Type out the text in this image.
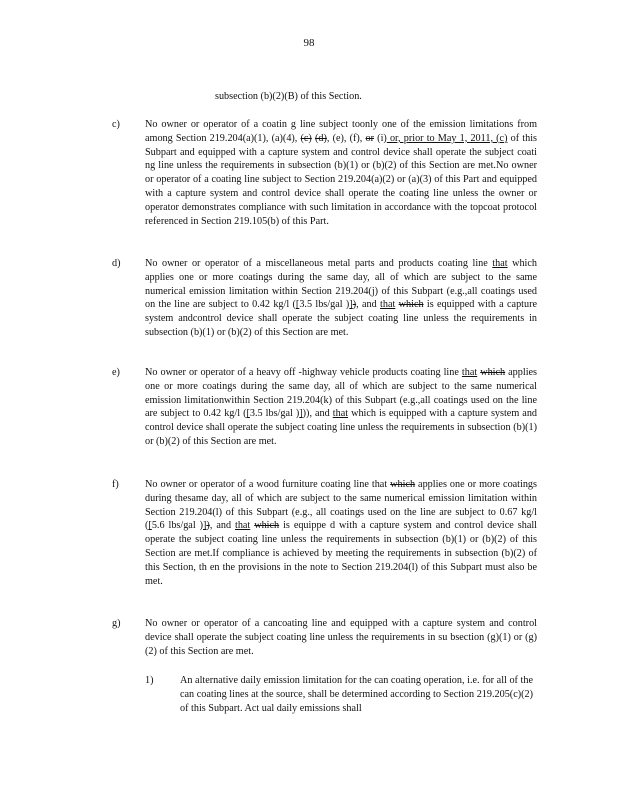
98
subsection (b)(2)(B) of this Section.
c) No owner or operator of a coatin g line subject toonly one of the emission limitations from among Section 219.204(a)(1), (a)(4), (c) (d), (e), (f), or (i) or, prior to May 1, 2011, (c) of this Subpart and equipped with a capture system and control device shall operate the subject coati ng line unless the requirements in subsection (b)(1) or (b)(2) of this Section are met.No owner or operator of a coating line subject to Section 219.204(a)(2) or (a)(3) of this Part and equipped with a capture system and control device shall operate the coating line unless the owner or operator demonstrates compliance with such limitation in accordance with the topcoat protocol referenced in Section 219.105(b) of this Part.
d) No owner or operator of a miscellaneous metal parts and products coating line that which applies one or more coatings during the same day, all of which are subject to the same numerical emission limitation within Section 219.204(j) of this Subpart (e.g.,all coatings used on the line are subject to 0.42 kg/l ([3.5 lbs/gal )]), and that which is equipped with a capture system andcontrol device shall operate the subject coating line unless the requirements in subsection (b)(1) or (b)(2) of this Section are met.
e) No owner or operator of a heavy off -highway vehicle products coating line that which applies one or more coatings during the same day, all of which are subject to the same numerical emission limitationwithin Section 219.204(k) of this Subpart (e.g.,all coatings used on the line are subject to 0.42 kg/l ([3.5 lbs/gal )])), and that which is equipped with a capture system and control device shall operate the subject coating line unless the requirements in subsection (b)(1) or (b)(2) of this Section are met.
f)	No owner or operator of a wood furniture coating line that which applies one or more coatings during thesame day, all of which are subject to the same numerical emission limitation within Section 219.204(l) of this Subpart (e.g., all coatings used on the line are subject to 0.67 kg/l ([5.6 lbs/gal )]), and that which is equippe d with a capture system and control device shall operate the subject coating line unless the requirements in subsection (b)(1) or (b)(2) of this Section are met.If compliance is achieved by meeting the requirements in subsection (b)(2) of this Section, th en the provisions in the note to Section 219.204(l) of this Subpart must also be met.
g) No owner or operator of a cancoating line and equipped with a capture system and control device shall operate the subject coating line unless the requirements in su bsection (g)(1) or (g)(2) of this Section are met.
1)	An alternative daily emission limitation for the can coating operation, i.e. for all of the can coating lines at the source, shall be determined according to Section 219.205(c)(2) of this Subpart. Act ual daily emissions shall
